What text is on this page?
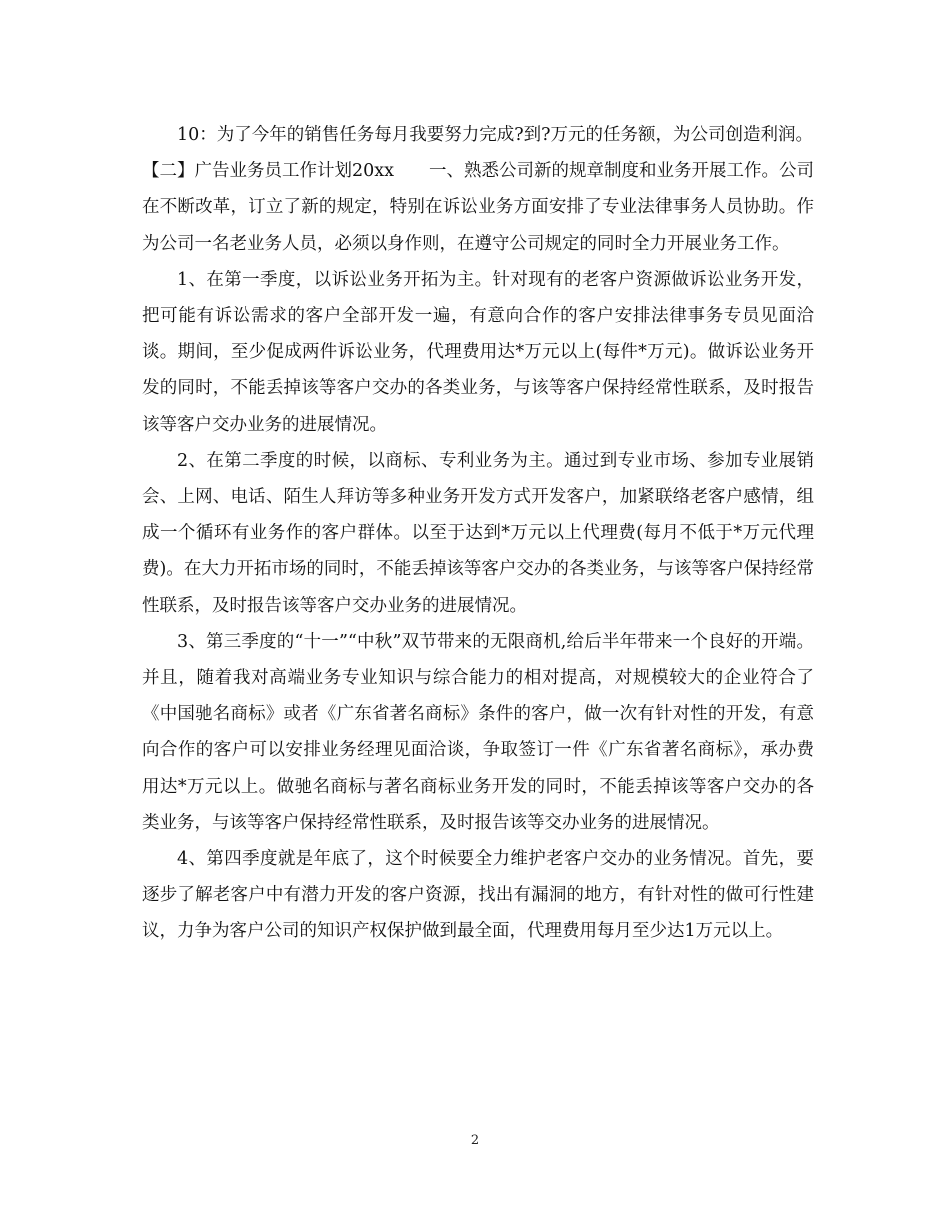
10：为了今年的销售任务每月我要努力完成?到?万元的任务额，为公司创造利润。

【二】广告业务员工作计划20xx　　一、熟悉公司新的规章制度和业务开展工作。公司在不断改革，订立了新的规定，特别在诉讼业务方面安排了专业法律事务人员协助。作为公司一名老业务人员，必须以身作则，在遵守公司规定的同时全力开展业务工作。

1、在第一季度，以诉讼业务开拓为主。针对现有的老客户资源做诉讼业务开发，把可能有诉讼需求的客户全部开发一遍，有意向合作的客户安排法律事务专员见面洽谈。期间，至少促成两件诉讼业务，代理费用达*万元以上(每件*万元)。做诉讼业务开发的同时，不能丢掉该等客户交办的各类业务，与该等客户保持经常性联系，及时报告该等客户交办业务的进展情况。

2、在第二季度的时候，以商标、专利业务为主。通过到专业市场、参加专业展销会、上网、电话、陌生人拜访等多种业务开发方式开发客户，加紧联络老客户感情，组成一个循环有业务作的客户群体。以至于达到*万元以上代理费(每月不低于*万元代理费)。在大力开拓市场的同时，不能丢掉该等客户交办的各类业务，与该等客户保持经常性联系，及时报告该等客户交办业务的进展情况。

3、第三季度的“十一”“中秋”双节带来的无限商机,给后半年带来一个良好的开端。并且，随着我对高端业务专业知识与综合能力的相对提高，对规模较大的企业符合了《中国驰名商标》或者《广东省著名商标》条件的客户，做一次有针对性的开发，有意向合作的客户可以安排业务经理见面洽谈，争取签订一件《广东省著名商标》，承办费用达*万元以上。做驰名商标与著名商标业务开发的同时，不能丢掉该等客户交办的各类业务，与该等客户保持经常性联系，及时报告该等交办业务的进展情况。

4、第四季度就是年底了，这个时候要全力维护老客户交办的业务情况。首先，要逐步了解老客户中有潜力开发的客户资源，找出有漏洞的地方，有针对性的做可行性建议，力争为客户公司的知识产权保护做到最全面，代理费用每月至少达1万元以上。

2
